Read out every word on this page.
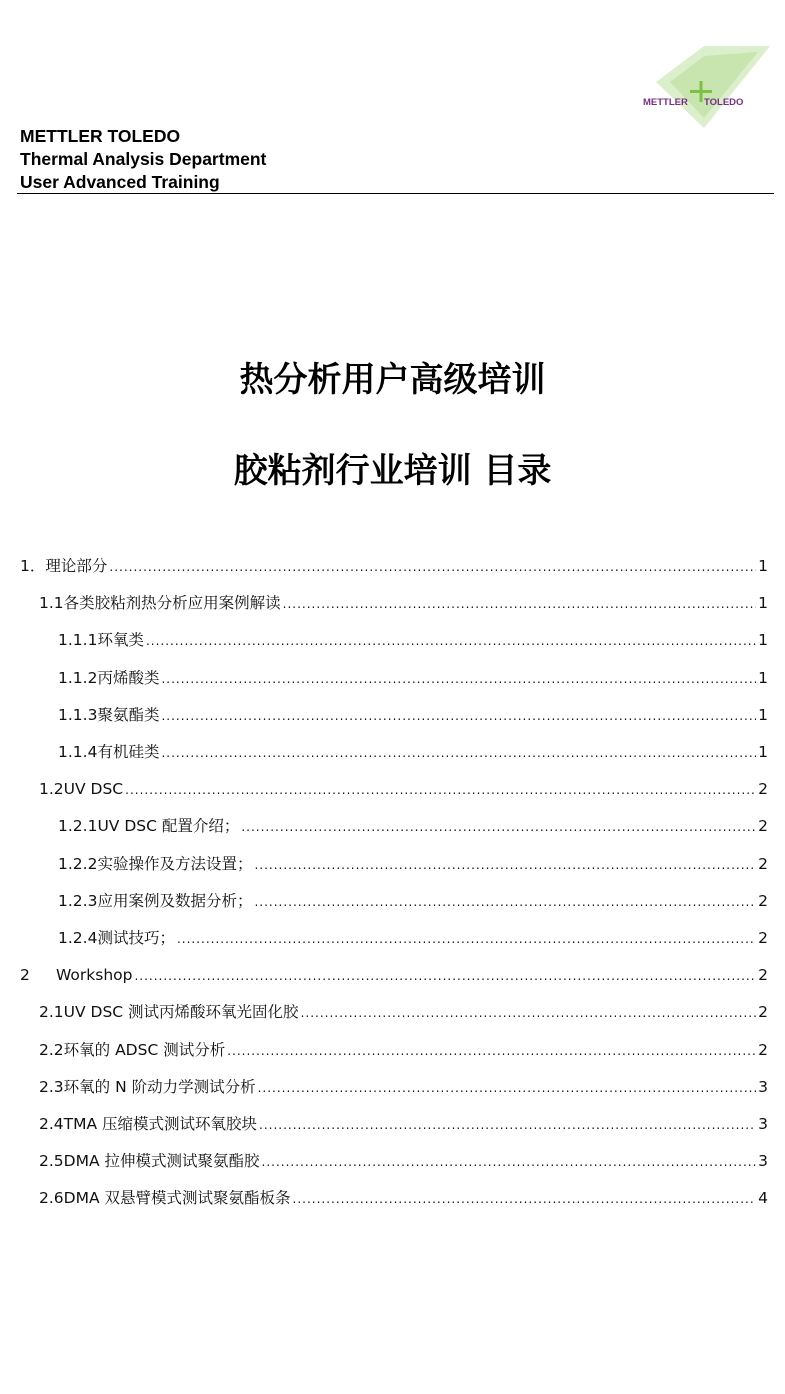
METTLER TOLEDO
METTLER TOLEDO
Thermal Analysis Department
User Advanced Training
热分析用户高级培训
胶粘剂行业培训 目录
1． 理论部分 .....	1
1.1 各类胶粘剂热分析应用案例解读 .....	1
1.1.1 环氧类 .....	1
1.1.2 丙烯酸类 .....	1
1.1.3 聚氨酯类 .....	1
1.1.4 有机硅类 .....	1
1.2 UV DSC .....	2
1.2.1 UV DSC 配置介绍； .....	2
1.2.2 实验操作及方法设置； .....	2
1.2.3 应用案例及数据分析； .....	2
1.2.4 测试技巧； .....	2
2	Workshop .....	2
2.1 UV DSC 测试丙烯酸环氧光固化胶 .....	2
2.2 环氧的 ADSC 测试分析 .....	2
2.3 环氧的 N 阶动力学测试分析 .....	3
2.4 TMA 压缩模式测试环氧胶块 .....	3
2.5 DMA 拉伸模式测试聚氨酯胶 .....	3
2.6 DMA 双悬臂模式测试聚氨酯板条 .....	4
